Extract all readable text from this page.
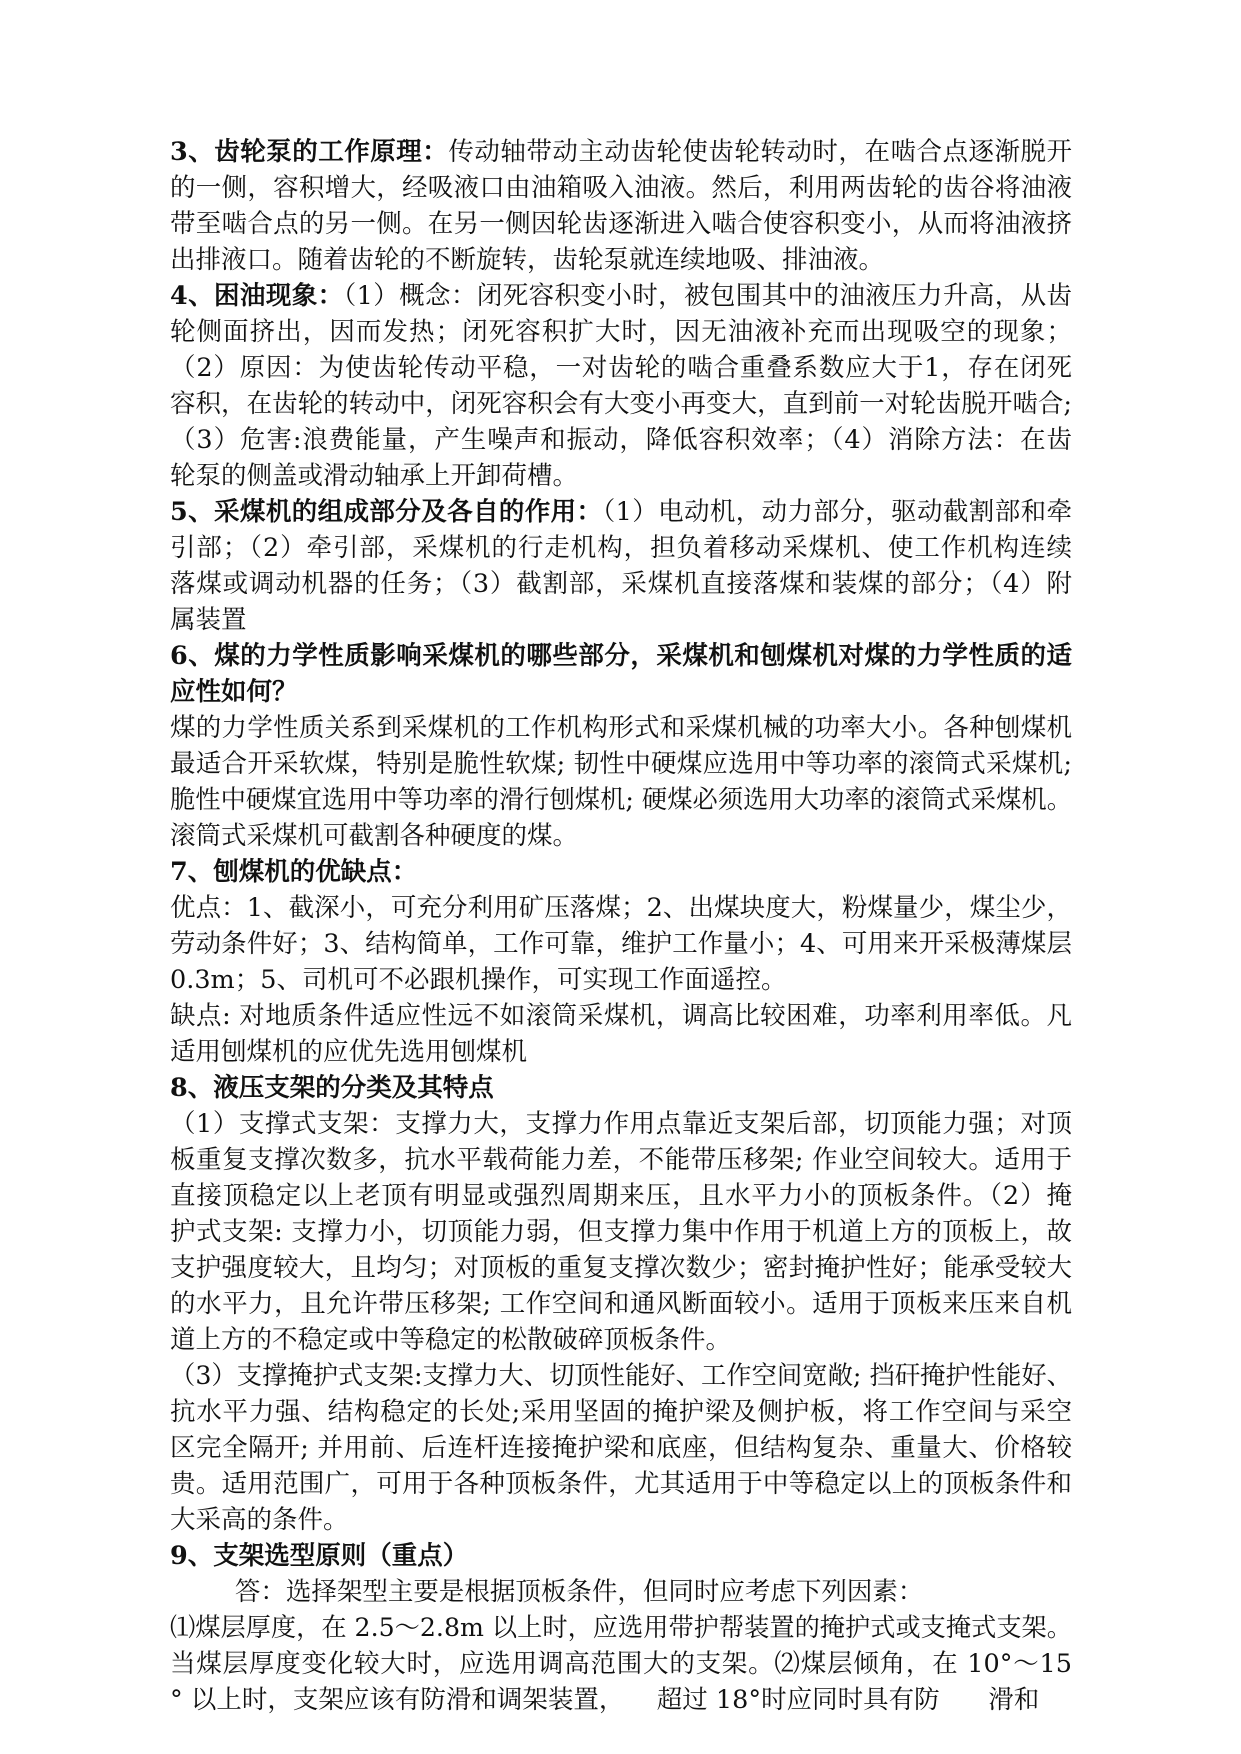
3、齿轮泵的工作原理：传动轴带动主动齿轮使齿轮转动时，在啮合点逐渐脱开
的一侧，容积增大，经吸液口由油箱吸入油液。然后，利用两齿轮的齿谷将油液
带至啮合点的另一侧。在另一侧因轮齿逐渐进入啮合使容积变小，从而将油液挤
出排液口。随着齿轮的不断旋转，齿轮泵就连续地吸、排油液。
4、困油现象：（1）概念：闭死容积变小时，被包围其中的油液压力升高，从齿
轮侧面挤出，因而发热；闭死容积扩大时，因无油液补充而出现吸空的现象；
（2）原因：为使齿轮传动平稳，一对齿轮的啮合重叠系数应大于1，存在闭死
容积，在齿轮的转动中，闭死容积会有大变小再变大，直到前一对轮齿脱开啮合;
（3）危害:浪费能量，产生噪声和振动，降低容积效率；（4）消除方法：在齿
轮泵的侧盖或滑动轴承上开卸荷槽。
5、采煤机的组成部分及各自的作用：（1）电动机，动力部分，驱动截割部和牵
引部；（2）牵引部，采煤机的行走机构，担负着移动采煤机、使工作机构连续
落煤或调动机器的任务；（3）截割部，采煤机直接落煤和装煤的部分；（4）附
属装置
6、煤的力学性质影响采煤机的哪些部分，采煤机和刨煤机对煤的力学性质的适
应性如何？
煤的力学性质关系到采煤机的工作机构形式和采煤机械的功率大小。各种刨煤机
最适合开采软煤，特别是脆性软煤; 韧性中硬煤应选用中等功率的滚筒式采煤机;
脆性中硬煤宜选用中等功率的滑行刨煤机; 硬煤必须选用大功率的滚筒式采煤机。
滚筒式采煤机可截割各种硬度的煤。
7、刨煤机的优缺点：
优点：1、截深小，可充分利用矿压落煤；2、出煤块度大，粉煤量少，煤尘少，
劳动条件好；3、结构简单，工作可靠，维护工作量小；4、可用来开采极薄煤层
0.3m；5、司机可不必跟机操作，可实现工作面遥控。
缺点: 对地质条件适应性远不如滚筒采煤机，调高比较困难，功率利用率低。凡
适用刨煤机的应优先选用刨煤机
8、液压支架的分类及其特点
（1）支撑式支架：支撑力大，支撑力作用点靠近支架后部，切顶能力强；对顶
板重复支撑次数多，抗水平载荷能力差，不能带压移架; 作业空间较大。适用于
直接顶稳定以上老顶有明显或强烈周期来压，且水平力小的顶板条件。（2）掩
护式支架: 支撑力小，切顶能力弱，但支撑力集中作用于机道上方的顶板上，故
支护强度较大，且均匀；对顶板的重复支撑次数少；密封掩护性好；能承受较大
的水平力，且允许带压移架; 工作空间和通风断面较小。适用于顶板来压来自机
道上方的不稳定或中等稳定的松散破碎顶板条件。
（3）支撑掩护式支架:支撑力大、切顶性能好、工作空间宽敞; 挡矸掩护性能好、
抗水平力强、结构稳定的长处;采用坚固的掩护梁及侧护板，将工作空间与采空
区完全隔开; 并用前、后连杆连接掩护梁和底座，但结构复杂、重量大、价格较
贵。适用范围广，可用于各种顶板条件，尤其适用于中等稳定以上的顶板条件和
大采高的条件。
9、支架选型原则（重点）
答：选择架型主要是根据顶板条件，但同时应考虑下列因素：
⑴煤层厚度，在 2.5～2.8m 以上时，应选用带护帮装置的掩护式或支掩式支架。
当煤层厚度变化较大时，应选用调高范围大的支架。⑵煤层倾角，在 10°～15
° 以上时，支架应该有防滑和调架装置，    超过 18°时应同时具有防      滑和
